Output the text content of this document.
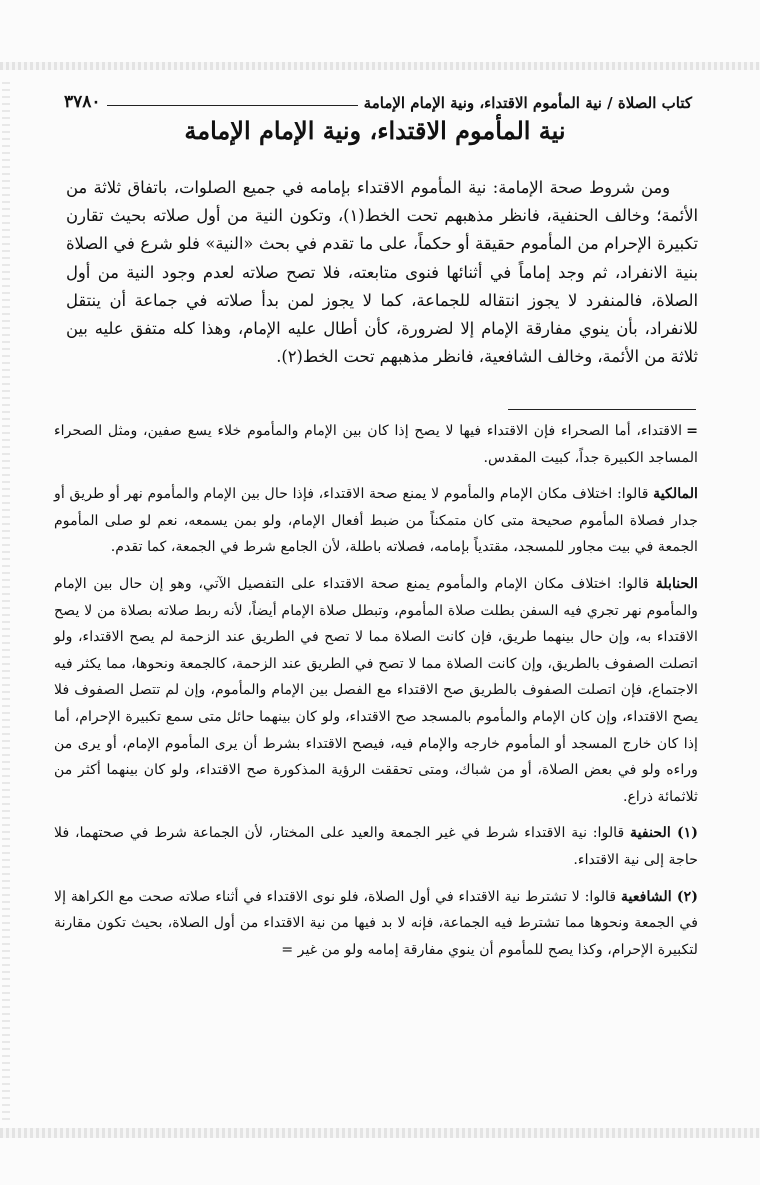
كتاب الصلاة / نية المأموم الاقتداء، ونية الإمام الإمامة
٣٧٨٠
نية المأموم الاقتداء، ونية الإمام الإمامة

ومن شروط صحة الإمامة: نية المأموم الاقتداء بإمامه في جميع الصلوات، باتفاق ثلاثة من الأئمة؛ وخالف الحنفية، فانظر مذهبهم تحت الخط(١)، وتكون النية من أول صلاته بحيث تقارن تكبيرة الإحرام من المأموم حقيقة أو حكماً، على ما تقدم في بحث «النية» فلو شرع في الصلاة بنية الانفراد، ثم وجد إماماً في أثنائها فنوى متابعته، فلا تصح صلاته لعدم وجود النية من أول الصلاة، فالمنفرد لا يجوز انتقاله للجماعة، كما لا يجوز لمن بدأ صلاته في جماعة أن ينتقل للانفراد، بأن ينوي مفارقة الإمام إلا لضرورة، كأن أطال عليه الإمام، وهذا كله متفق عليه بين ثلاثة من الأئمة، وخالف الشافعية، فانظر مذهبهم تحت الخط(٢).

=الاقتداء، أما الصحراء فإن الاقتداء فيها لا يصح إذا كان بين الإمام والمأموم خلاء يسع صفين، ومثل الصحراء المساجد الكبيرة جداً، كبيت المقدس.

المالكية قالوا: اختلاف مكان الإمام والمأموم لا يمنع صحة الاقتداء، فإذا حال بين الإمام والمأموم نهر أو طريق أو جدار فصلاة المأموم صحيحة متى كان متمكناً من ضبط أفعال الإمام، ولو بمن يسمعه، نعم لو صلى المأموم الجمعة في بيت مجاور للمسجد، مقتدياً بإمامه، فصلاته باطلة، لأن الجامع شرط في الجمعة، كما تقدم.

الحنابلة قالوا: اختلاف مكان الإمام والمأموم يمنع صحة الاقتداء على التفصيل الآتي، وهو إن حال بين الإمام والمأموم نهر تجري فيه السفن بطلت صلاة المأموم، وتبطل صلاة الإمام أيضاً، لأنه ربط صلاته بصلاة من لا يصح الاقتداء به، وإن حال بينهما طريق، فإن كانت الصلاة مما لا تصح في الطريق عند الزحمة لم يصح الاقتداء، ولو اتصلت الصفوف بالطريق، وإن كانت الصلاة مما لا تصح في الطريق عند الزحمة، كالجمعة ونحوها، مما يكثر فيه الاجتماع، فإن اتصلت الصفوف بالطريق صح الاقتداء مع الفصل بين الإمام والمأموم، وإن لم تتصل الصفوف فلا يصح الاقتداء، وإن كان الإمام والمأموم بالمسجد صح الاقتداء، ولو كان بينهما حائل متى سمع تكبيرة الإحرام، أما إذا كان خارج المسجد أو المأموم خارجه والإمام فيه، فيصح الاقتداء بشرط أن يرى المأموم الإمام، أو يرى من وراءه ولو في بعض الصلاة، أو من شباك، ومتى تحققت الرؤية المذكورة صح الاقتداء، ولو كان بينهما أكثر من ثلاثمائة ذراع.

(١) الحنفية قالوا: نية الاقتداء شرط في غير الجمعة والعيد على المختار، لأن الجماعة شرط في صحتهما، فلا حاجة إلى نية الاقتداء.

(٢) الشافعية قالوا: لا تشترط نية الاقتداء في أول الصلاة، فلو نوى الاقتداء في أثناء صلاته صحت مع الكراهة إلا في الجمعة ونحوها مما تشترط فيه الجماعة، فإنه لا بد فيها من نية الاقتداء من أول الصلاة، بحيث تكون مقارنة لتكبيرة الإحرام، وكذا يصح للمأموم أن ينوي مفارقة إمامه ولو من غير =
